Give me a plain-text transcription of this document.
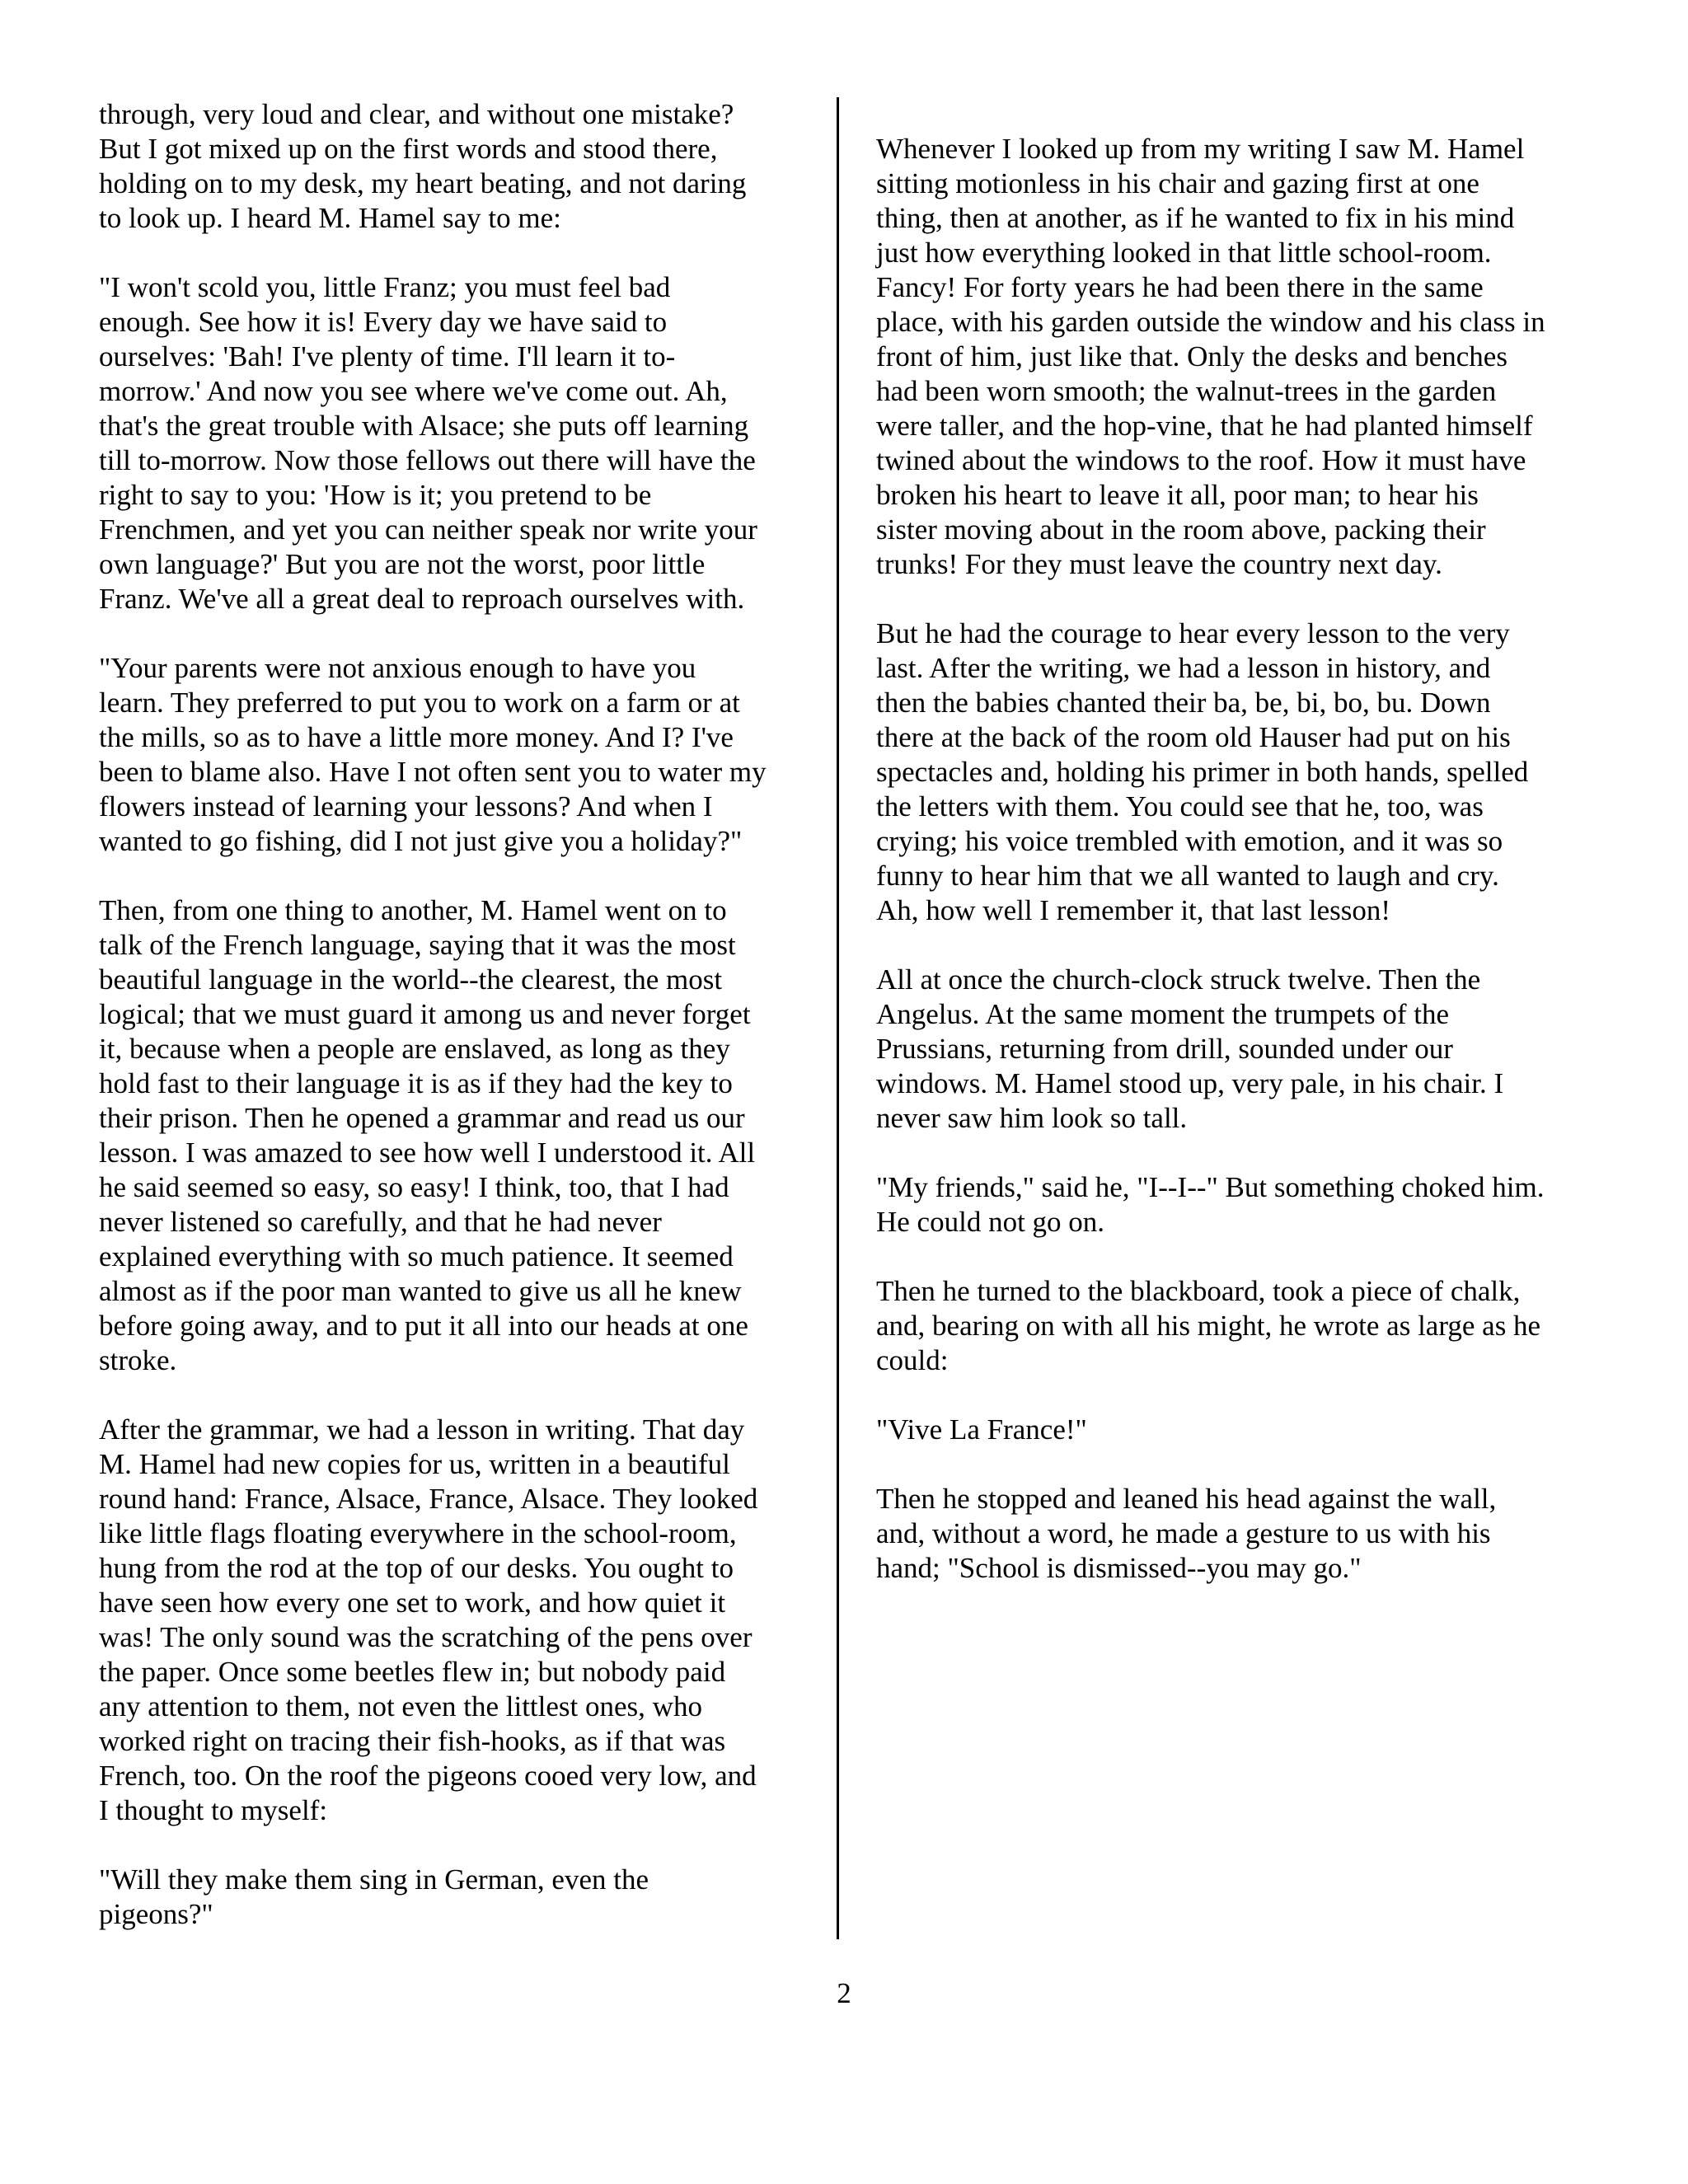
through, very loud and clear, and without one mistake?
But I got mixed up on the first words and stood there,
holding on to my desk, my heart beating, and not daring
to look up. I heard M. Hamel say to me:

"I won't scold you, little Franz; you must feel bad
enough. See how it is! Every day we have said to
ourselves: 'Bah! I've plenty of time. I'll learn it to-
morrow.' And now you see where we've come out. Ah,
that's the great trouble with Alsace; she puts off learning
till to-morrow. Now those fellows out there will have the
right to say to you: 'How is it; you pretend to be
Frenchmen, and yet you can neither speak nor write your
own language?' But you are not the worst, poor little
Franz. We've all a great deal to reproach ourselves with.

"Your parents were not anxious enough to have you
learn. They preferred to put you to work on a farm or at
the mills, so as to have a little more money. And I? I've
been to blame also. Have I not often sent you to water my
flowers instead of learning your lessons? And when I
wanted to go fishing, did I not just give you a holiday?"

Then, from one thing to another, M. Hamel went on to
talk of the French language, saying that it was the most
beautiful language in the world--the clearest, the most
logical; that we must guard it among us and never forget
it, because when a people are enslaved, as long as they
hold fast to their language it is as if they had the key to
their prison. Then he opened a grammar and read us our
lesson. I was amazed to see how well I understood it. All
he said seemed so easy, so easy! I think, too, that I had
never listened so carefully, and that he had never
explained everything with so much patience. It seemed
almost as if the poor man wanted to give us all he knew
before going away, and to put it all into our heads at one
stroke.

After the grammar, we had a lesson in writing. That day
M. Hamel had new copies for us, written in a beautiful
round hand: France, Alsace, France, Alsace. They looked
like little flags floating everywhere in the school-room,
hung from the rod at the top of our desks. You ought to
have seen how every one set to work, and how quiet it
was! The only sound was the scratching of the pens over
the paper. Once some beetles flew in; but nobody paid
any attention to them, not even the littlest ones, who
worked right on tracing their fish-hooks, as if that was
French, too. On the roof the pigeons cooed very low, and
I thought to myself:

"Will they make them sing in German, even the
pigeons?"

Whenever I looked up from my writing I saw M. Hamel
sitting motionless in his chair and gazing first at one
thing, then at another, as if he wanted to fix in his mind
just how everything looked in that little school-room.
Fancy! For forty years he had been there in the same
place, with his garden outside the window and his class in
front of him, just like that. Only the desks and benches
had been worn smooth; the walnut-trees in the garden
were taller, and the hop-vine, that he had planted himself
twined about the windows to the roof. How it must have
broken his heart to leave it all, poor man; to hear his
sister moving about in the room above, packing their
trunks! For they must leave the country next day.

But he had the courage to hear every lesson to the very
last. After the writing, we had a lesson in history, and
then the babies chanted their ba, be, bi, bo, bu. Down
there at the back of the room old Hauser had put on his
spectacles and, holding his primer in both hands, spelled
the letters with them. You could see that he, too, was
crying; his voice trembled with emotion, and it was so
funny to hear him that we all wanted to laugh and cry.
Ah, how well I remember it, that last lesson!

All at once the church-clock struck twelve. Then the
Angelus. At the same moment the trumpets of the
Prussians, returning from drill, sounded under our
windows. M. Hamel stood up, very pale, in his chair. I
never saw him look so tall.

"My friends," said he, "I--I--" But something choked him.
He could not go on.

Then he turned to the blackboard, took a piece of chalk,
and, bearing on with all his might, he wrote as large as he
could:

"Vive La France!"

Then he stopped and leaned his head against the wall,
and, without a word, he made a gesture to us with his
hand; "School is dismissed--you may go."

2
